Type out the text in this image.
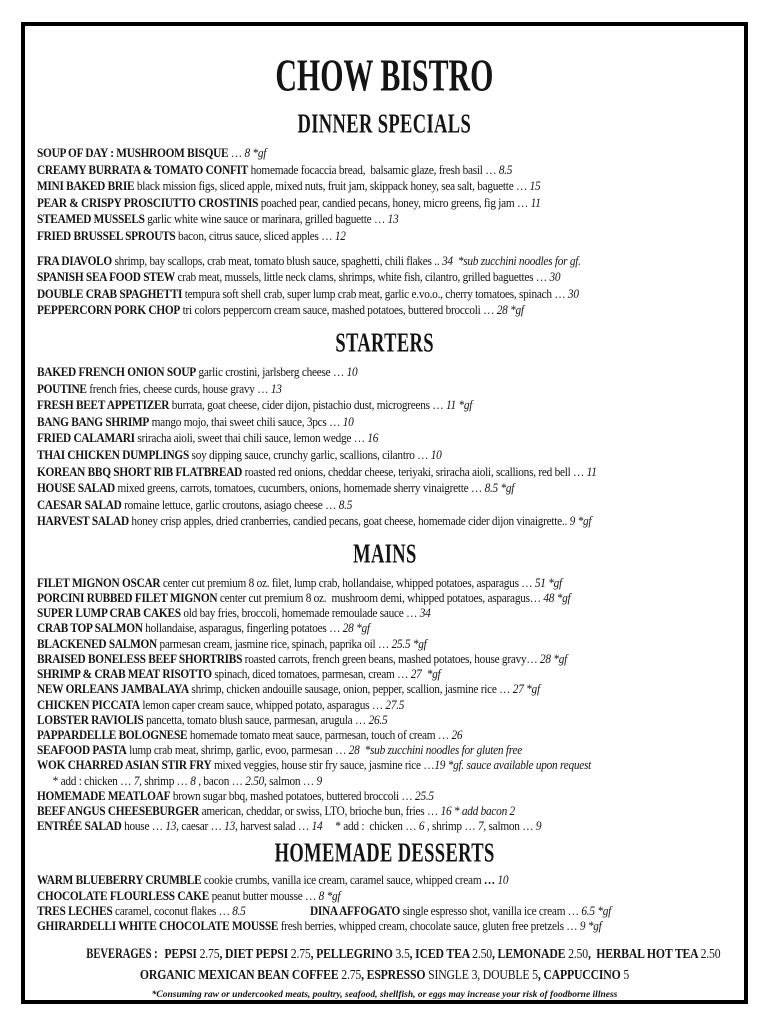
CHOW BISTRO
DINNER SPECIALS
SOUP OF DAY : MUSHROOM BISQUE … 8 *gf
CREAMY BURRATA & TOMATO CONFIT homemade focaccia bread,  balsamic glaze, fresh basil … 8.5
MINI BAKED BRIE black mission figs, sliced apple, mixed nuts, fruit jam, skippack honey, sea salt, baguette … 15
PEAR & CRISPY PROSCIUTTO CROSTINIS poached pear, candied pecans, honey, micro greens, fig jam … 11
STEAMED MUSSELS garlic white wine sauce or marinara, grilled baguette … 13
FRIED BRUSSEL SPROUTS bacon, citrus sauce, sliced apples … 12
FRA DIAVOLO shrimp, bay scallops, crab meat, tomato blush sauce, spaghetti, chili flakes .. 34  *sub zucchini noodles for gf.
SPANISH SEA FOOD STEW crab meat, mussels, little neck clams, shrimps, white fish, cilantro, grilled baguettes … 30
DOUBLE CRAB SPAGHETTI tempura soft shell crab, super lump crab meat, garlic e.vo.o., cherry tomatoes, spinach … 30
PEPPERCORN PORK CHOP tri colors peppercorn cream sauce, mashed potatoes, buttered broccoli … 28 *gf
STARTERS
BAKED FRENCH ONION SOUP garlic crostini, jarlsberg cheese … 10
POUTINE french fries, cheese curds, house gravy … 13
FRESH BEET APPETIZER burrata, goat cheese, cider dijon, pistachio dust, microgreens … 11 *gf
BANG BANG SHRIMP mango mojo, thai sweet chili sauce, 3pcs … 10
FRIED CALAMARI sriracha aioli, sweet thai chili sauce, lemon wedge … 16
THAI CHICKEN DUMPLINGS soy dipping sauce, crunchy garlic, scallions, cilantro … 10
KOREAN BBQ SHORT RIB FLATBREAD roasted red onions, cheddar cheese, teriyaki, sriracha aioli, scallions, red bell … 11
HOUSE SALAD mixed greens, carrots, tomatoes, cucumbers, onions, homemade sherry vinaigrette … 8.5 *gf
CAESAR SALAD romaine lettuce, garlic croutons, asiago cheese … 8.5
HARVEST SALAD honey crisp apples, dried cranberries, candied pecans, goat cheese, homemade cider dijon vinaigrette.. 9 *gf
MAINS
FILET MIGNON OSCAR center cut premium 8 oz. filet, lump crab, hollandaise, whipped potatoes, asparagus … 51 *gf
PORCINI RUBBED FILET MIGNON center cut premium 8 oz.  mushroom demi, whipped potatoes, asparagus… 48 *gf
SUPER LUMP CRAB CAKES old bay fries, broccoli, homemade remoulade sauce … 34
CRAB TOP SALMON hollandaise, asparagus, fingerling potatoes … 28 *gf
BLACKENED SALMON parmesan cream, jasmine rice, spinach, paprika oil … 25.5 *gf
BRAISED BONELESS BEEF SHORTRIBS roasted carrots, french green beans, mashed potatoes, house gravy… 28 *gf
SHRIMP & CRAB MEAT RISOTTO spinach, diced tomatoes, parmesan, cream … 27  *gf
NEW ORLEANS JAMBALAYA shrimp, chicken andouille sausage, onion, pepper, scallion, jasmine rice … 27 *gf
CHICKEN PICCATA lemon caper cream sauce, whipped potato, asparagus … 27.5
LOBSTER RAVIOLIS pancetta, tomato blush sauce, parmesan, arugula … 26.5
PAPPARDELLE BOLOGNESE homemade tomato meat sauce, parmesan, touch of cream … 26
SEAFOOD PASTA lump crab meat, shrimp, garlic, evoo, parmesan … 28  *sub zucchini noodles for gluten free
WOK CHARRED ASIAN STIR FRY mixed veggies, house stir fry sauce, jasmine rice …19 *gf. sauce available upon request
* add : chicken … 7, shrimp … 8 , bacon … 2.50, salmon … 9
HOMEMADE MEATLOAF brown sugar bbq, mashed potatoes, buttered broccoli … 25.5
BEEF ANGUS CHEESEBURGER american, cheddar, or swiss, LTO, brioche bun, fries … 16 * add bacon 2
ENTRÉE SALAD house … 13, caesar … 13, harvest salad … 14     * add :  chicken … 6 , shrimp … 7, salmon … 9
HOMEMADE DESSERTS
WARM BLUEBERRY CRUMBLE cookie crumbs, vanilla ice cream, caramel sauce, whipped cream … 10
CHOCOLATE FLOURLESS CAKE peanut butter mousse … 8 *gf
TRES LECHES caramel, coconut flakes … 8.5	DINA AFFOGATO single espresso shot, vanilla ice cream … 6.5 *gf
GHIRARDELLI WHITE CHOCOLATE MOUSSE fresh berries, whipped cream, chocolate sauce, gluten free pretzels … 9 *gf
BEVERAGES : PEPSI 2.75, DIET PEPSI 2.75, PELLEGRINO 3.5, ICED TEA 2.50, LEMONADE 2.50,  HERBAL HOT TEA 2.50
ORGANIC MEXICAN BEAN COFFEE 2.75, ESPRESSO SINGLE 3, DOUBLE 5, CAPPUCCINO 5
*Consuming raw or undercooked meats, poultry, seafood, shellfish, or eggs may increase your risk of foodborne illness
